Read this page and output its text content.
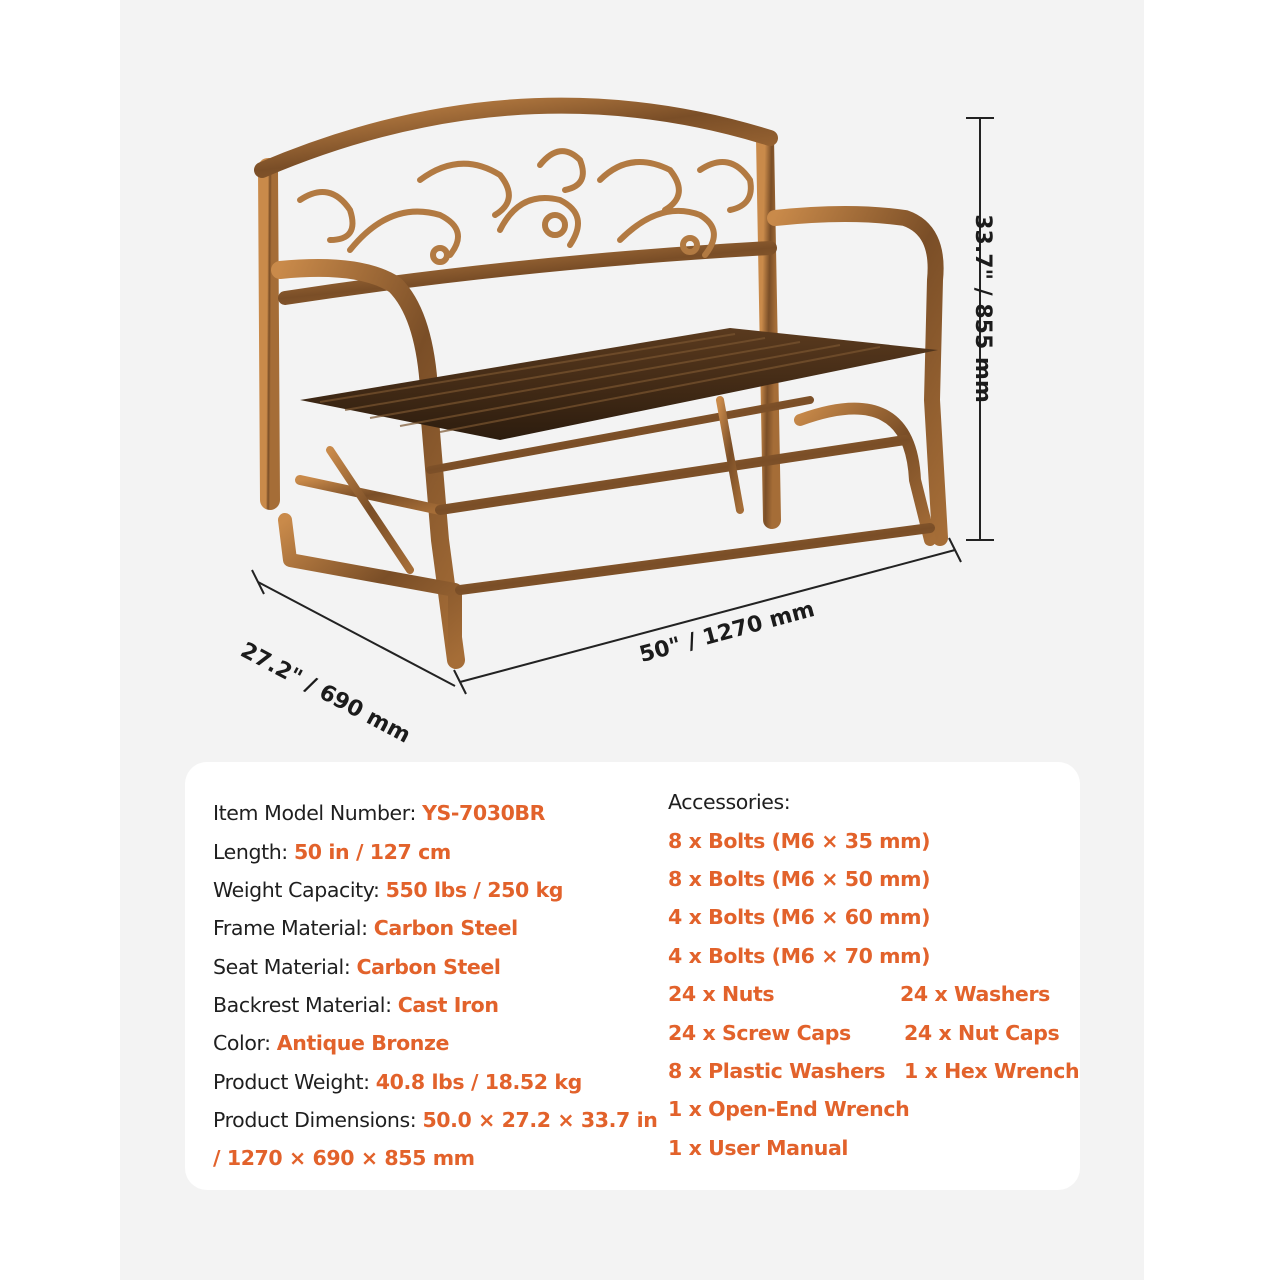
33.7" / 855 mm
50" / 1270 mm
27.2" / 690 mm
Item Model Number: YS-7030BR
Length: 50 in / 127 cm
Weight Capacity: 550 lbs / 250 kg
Frame Material: Carbon Steel
Seat Material: Carbon Steel
Backrest Material: Cast Iron
Color: Antique Bronze
Product Weight: 40.8 lbs / 18.52 kg
Product Dimensions: 50.0 × 27.2 × 33.7 in
/ 1270 × 690 × 855 mm
Accessories:
8 x Bolts (M6 × 35 mm)
8 x Bolts (M6 × 50 mm)
4 x Bolts (M6 × 60 mm)
4 x Bolts (M6 × 70 mm)
24 x Nuts	24 x Washers
24 x Screw Caps	24 x Nut Caps
8 x Plastic Washers 1 x Hex Wrench
1 x Open-End Wrench
1 x User Manual
